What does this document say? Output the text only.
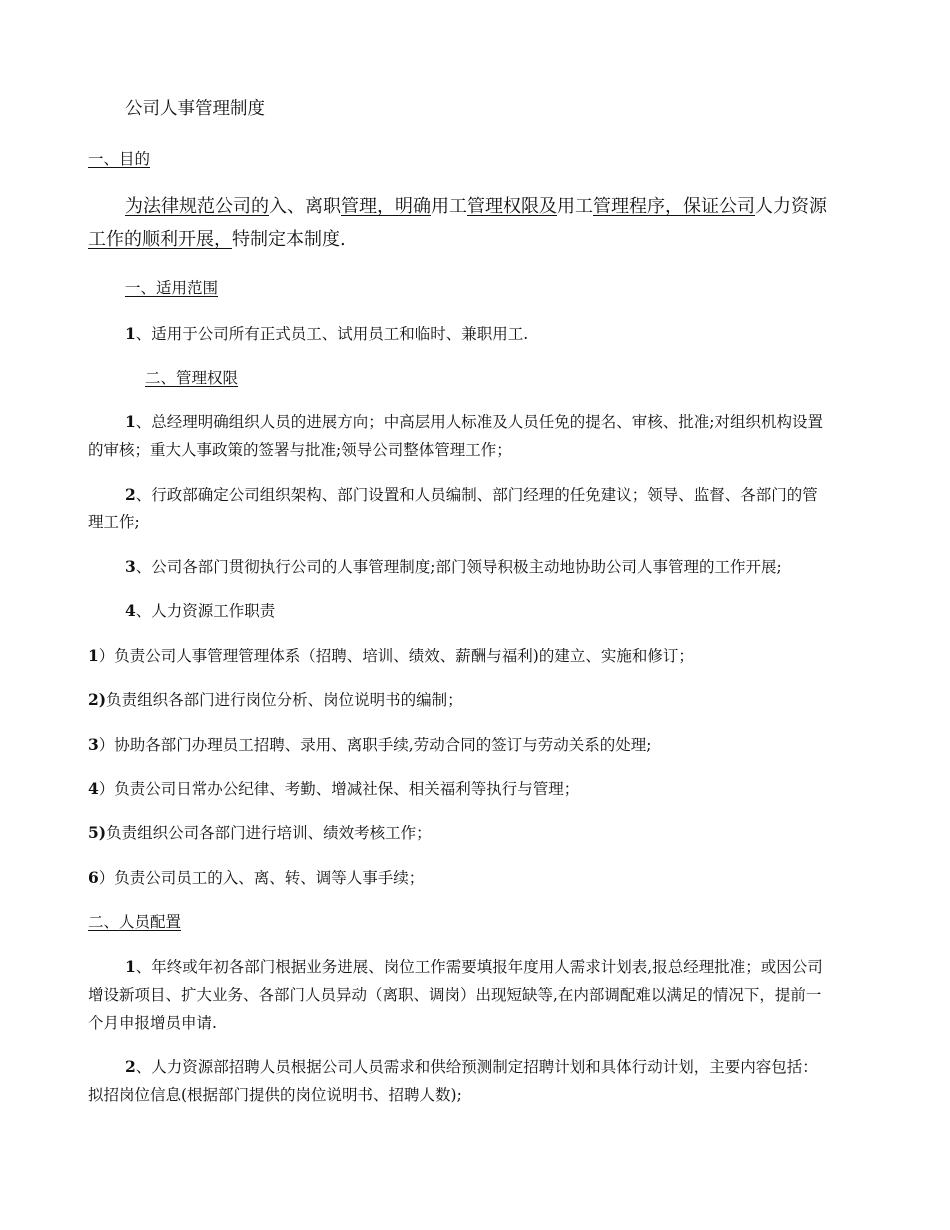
公司人事管理制度
一、目的
为法律规范公司的入、离职管理，明确用工管理权限及用工管理程序，保证公司人力资源
工作的顺利开展，特制定本制度.
一、适用范围
1、适用于公司所有正式员工、试用员工和临时、兼职用工.
二、管理权限
1、总经理明确组织人员的进展方向；中高层用人标准及人员任免的提名、审核、批准;对组织机构设置
的审核；重大人事政策的签署与批准;领导公司整体管理工作；
2、行政部确定公司组织架构、部门设置和人员编制、部门经理的任免建议；领导、监督、各部门的管
理工作;
3、公司各部门贯彻执行公司的人事管理制度;部门领导积极主动地协助公司人事管理的工作开展;
4、人力资源工作职责
1）负责公司人事管理管理体系（招聘、培训、绩效、薪酬与福利)的建立、实施和修订；
2)负责组织各部门进行岗位分析、岗位说明书的编制；
3）协助各部门办理员工招聘、录用、离职手续,劳动合同的签订与劳动关系的处理;
4）负责公司日常办公纪律、考勤、增减社保、相关福利等执行与管理；
5)负责组织公司各部门进行培训、绩效考核工作；
6）负责公司员工的入、离、转、调等人事手续；
二、人员配置
1、年终或年初各部门根据业务进展、岗位工作需要填报年度用人需求计划表,报总经理批准；或因公司
增设新项目、扩大业务、各部门人员异动（离职、调岗）出现短缺等,在内部调配难以满足的情况下，提前一
个月申报增员申请.
2、人力资源部招聘人员根据公司人员需求和供给预测制定招聘计划和具体行动计划，主要内容包括：
拟招岗位信息(根据部门提供的岗位说明书、招聘人数);
